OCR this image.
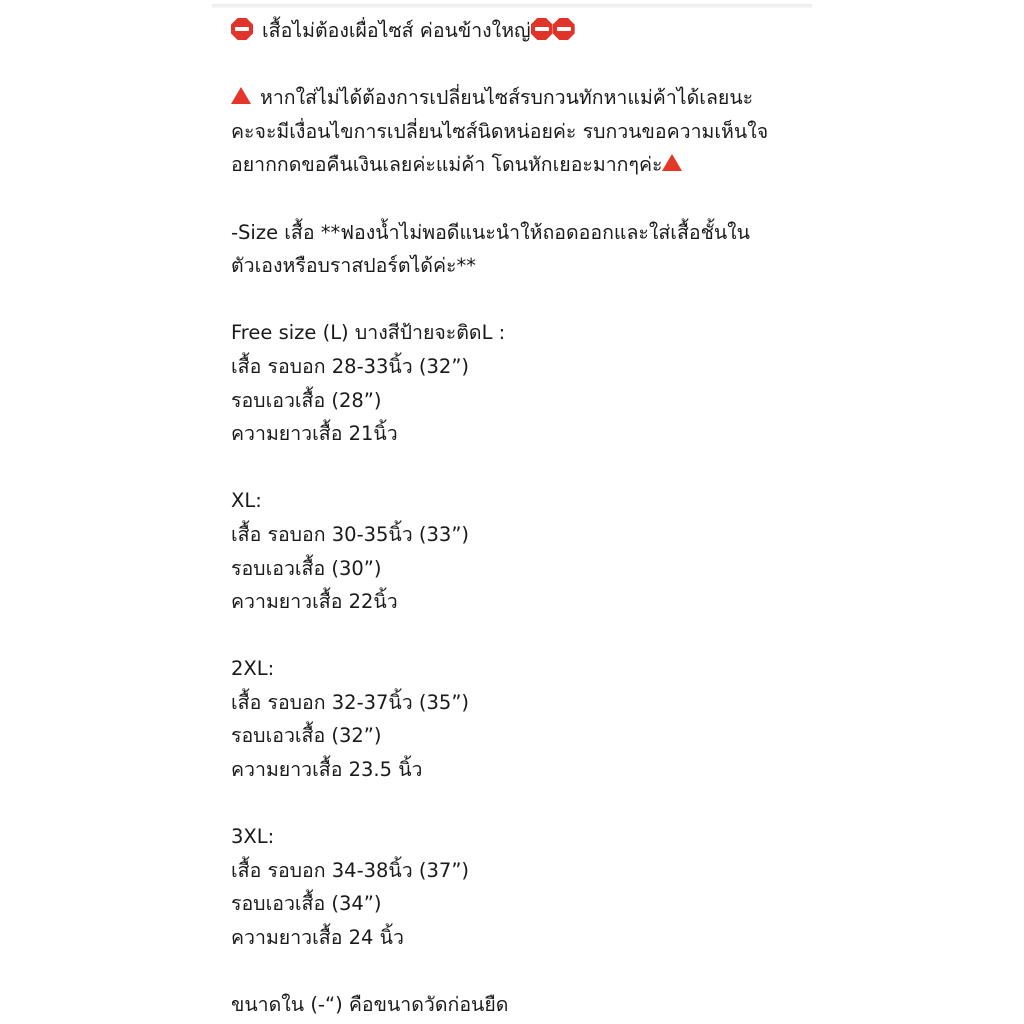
เสื้อไม่ต้องเผื่อไซส์ ค่อนข้างใหญ่
หากใส่ไม่ได้ต้องการเปลี่ยนไซส์รบกวนทักหาแม่ค้าได้เลยนะ
คะจะมีเงื่อนไขการเปลี่ยนไซส์นิดหน่อยค่ะ รบกวนขอความเห็นใจ
อยากกดขอคืนเงินเลยค่ะแม่ค้า โดนหักเยอะมากๆค่ะ
-Size เสื้อ **ฟองน้ำไม่พอดีแนะนำให้ถอดออกและใส่เสื้อชั้นใน
ตัวเองหรือบราสปอร์ตได้ค่ะ**
Free size (L) บางสีป้ายจะติดL :
เสื้อ รอบอก 28-33นิ้ว (32”)
รอบเอวเสื้อ (28”)
ความยาวเสื้อ 21นิ้ว
XL:
เสื้อ รอบอก 30-35นิ้ว (33”)
รอบเอวเสื้อ (30”)
ความยาวเสื้อ 22นิ้ว
2XL:
เสื้อ รอบอก 32-37นิ้ว (35”)
รอบเอวเสื้อ (32”)
ความยาวเสื้อ 23.5 นิ้ว
3XL:
เสื้อ รอบอก 34-38นิ้ว (37”)
รอบเอวเสื้อ (34”)
ความยาวเสื้อ 24 นิ้ว
ขนาดใน (-“) คือขนาดวัดก่อนยืด
